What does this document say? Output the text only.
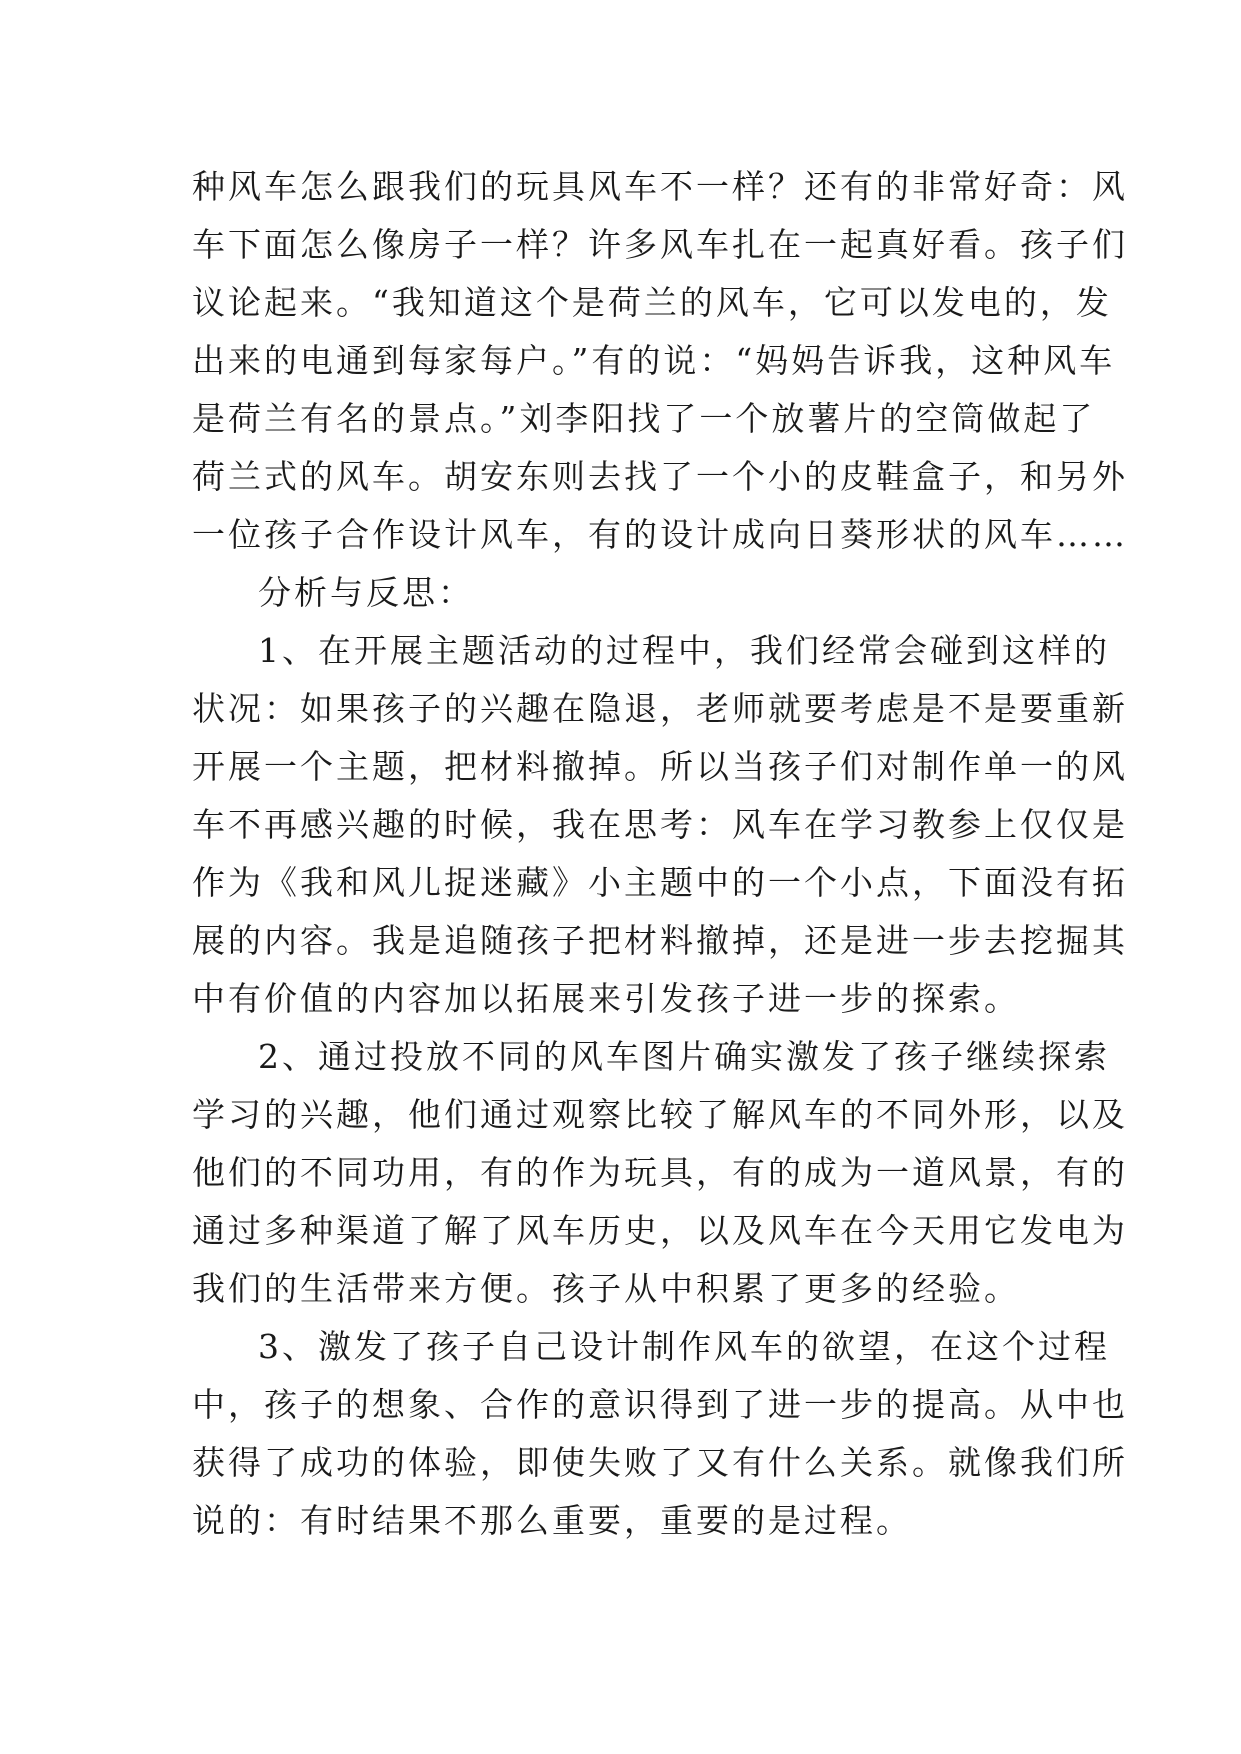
种风车怎么跟我们的玩具风车不一样？还有的非常好奇：风
车下面怎么像房子一样？许多风车扎在一起真好看。孩子们
议论起来。“我知道这个是荷兰的风车，它可以发电的，发
出来的电通到每家每户。”有的说：“妈妈告诉我，这种风车
是荷兰有名的景点。”刘李阳找了一个放薯片的空筒做起了
荷兰式的风车。胡安东则去找了一个小的皮鞋盒子，和另外
一位孩子合作设计风车，有的设计成向日葵形状的风车……
分析与反思：
1、在开展主题活动的过程中，我们经常会碰到这样的
状况：如果孩子的兴趣在隐退，老师就要考虑是不是要重新
开展一个主题，把材料撤掉。所以当孩子们对制作单一的风
车不再感兴趣的时候，我在思考：风车在学习教参上仅仅是
作为《我和风儿捉迷藏》小主题中的一个小点，下面没有拓
展的内容。我是追随孩子把材料撤掉，还是进一步去挖掘其
中有价值的内容加以拓展来引发孩子进一步的探索。
2、通过投放不同的风车图片确实激发了孩子继续探索
学习的兴趣，他们通过观察比较了解风车的不同外形，以及
他们的不同功用，有的作为玩具，有的成为一道风景，有的
通过多种渠道了解了风车历史，以及风车在今天用它发电为
我们的生活带来方便。孩子从中积累了更多的经验。
3、激发了孩子自己设计制作风车的欲望，在这个过程
中，孩子的想象、合作的意识得到了进一步的提高。从中也
获得了成功的体验，即使失败了又有什么关系。就像我们所
说的：有时结果不那么重要，重要的是过程。
